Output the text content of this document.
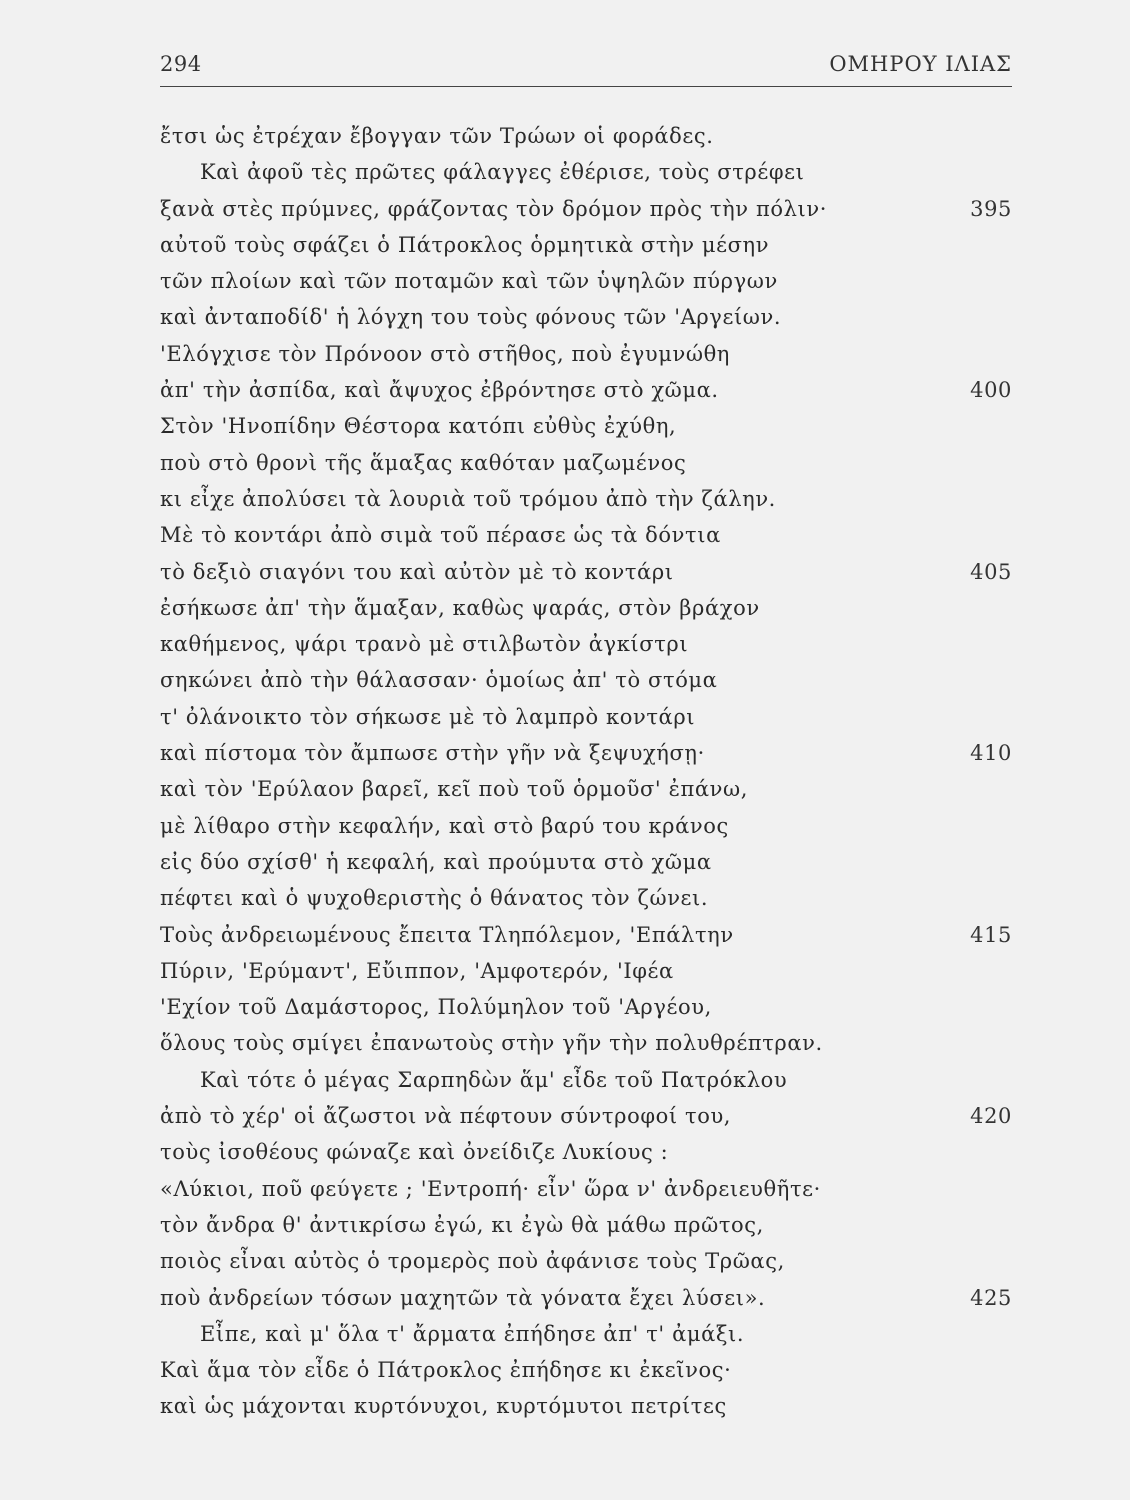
294	ΟΜΗΡΟΥ ΙΛΙΑΣ
ἔτσι ὡς ἐτρέχαν ἔβογγαν τῶν Τρώων οἱ φοράδες.
Καὶ ἀφοῦ τὲς πρῶτες φάλαγγες ἐθέρισε, τοὺς στρέφει
ξανὰ στὲς πρύμνες, φράζοντας τὸν δρόμον πρὸς τὴν πόλιν·	395
αὐτοῦ τοὺς σφάζει ὁ Πάτροκλος ὁρμητικὰ στὴν μέσην
τῶν πλοίων καὶ τῶν ποταμῶν καὶ τῶν ὑψηλῶν πύργων
καὶ ἀνταποδίδ' ἡ λόγχη του τοὺς φόνους τῶν 'Αργείων.
'Ελόγχισε τὸν Πρόνοον στὸ στῆθος, ποὺ ἐγυμνώθη
ἀπ' τὴν ἀσπίδα, καὶ ἄψυχος ἐβρόντησε στὸ χῶμα.	400
Στὸν 'Ηνοπίδην Θέστορα κατόπι εὐθὺς ἐχύθη,
ποὺ στὸ θρονὶ τῆς ἅμαξας καθόταν μαζωμένος
κι εἶχε ἀπολύσει τὰ λουριὰ τοῦ τρόμου ἀπὸ τὴν ζάλην.
Μὲ τὸ κοντάρι ἀπὸ σιμὰ τοῦ πέρασε ὡς τὰ δόντια
τὸ δεξιὸ σιαγόνι του καὶ αὐτὸν μὲ τὸ κοντάρι	405
ἐσήκωσε ἀπ' τὴν ἅμαξαν, καθὼς ψαράς, στὸν βράχον
καθήμενος, ψάρι τρανὸ μὲ στιλβωτὸν ἀγκίστρι
σηκώνει ἀπὸ τὴν θάλασσαν· ὁμοίως ἀπ' τὸ στόμα
τ' ὀλάνοικτο τὸν σήκωσε μὲ τὸ λαμπρὸ κοντάρι
καὶ πίστομα τὸν ἄμπωσε στὴν γῆν νὰ ξεψυχήσῃ·	410
καὶ τὸν 'Ερύλαον βαρεῖ, κεῖ ποὺ τοῦ ὁρμοῦσ' ἐπάνω,
μὲ λίθαρο στὴν κεφαλήν, καὶ στὸ βαρύ του κράνος
εἰς δύο σχίσθ' ἡ κεφαλή, καὶ προύμυτα στὸ χῶμα
πέφτει καὶ ὁ ψυχοθεριστὴς ὁ θάνατος τὸν ζώνει.
Τοὺς ἀνδρειωμένους ἔπειτα Τληπόλεμον, 'Επάλτην	415
Πύριν, 'Ερύμαντ', Εὔιππον, 'Αμφοτερόν, 'Ιφέα
'Εχίον τοῦ Δαμάστορος, Πολύμηλον τοῦ 'Αργέου,
ὅλους τοὺς σμίγει ἐπανωτοὺς στὴν γῆν τὴν πολυθρέπτραν.
Καὶ τότε ὁ μέγας Σαρπηδὼν ἅμ' εἶδε τοῦ Πατρόκλου
ἀπὸ τὸ χέρ' οἱ ἄζωστοι νὰ πέφτουν σύντροφοί του,	420
τοὺς ἰσοθέους φώναζε καὶ ὀνείδιζε Λυκίους :
«Λύκιοι, ποῦ φεύγετε ; 'Εντροπή· εἶν' ὥρα ν' ἀνδρειευθῆτε·
τὸν ἄνδρα θ' ἀντικρίσω ἐγώ, κι ἐγὼ θὰ μάθω πρῶτος,
ποιὸς εἶναι αὐτὸς ὁ τρομερὸς ποὺ ἀφάνισε τοὺς Τρῶας,
ποὺ ἀνδρείων τόσων μαχητῶν τὰ γόνατα ἔχει λύσει».	425
Εἶπε, καὶ μ' ὅλα τ' ἄρματα ἐπήδησε ἀπ' τ' ἀμάξι.
Καὶ ἅμα τὸν εἶδε ὁ Πάτροκλος ἐπήδησε κι ἐκεῖνος·
καὶ ὡς μάχονται κυρτόνυχοι, κυρτόμυτοι πετρίτες
